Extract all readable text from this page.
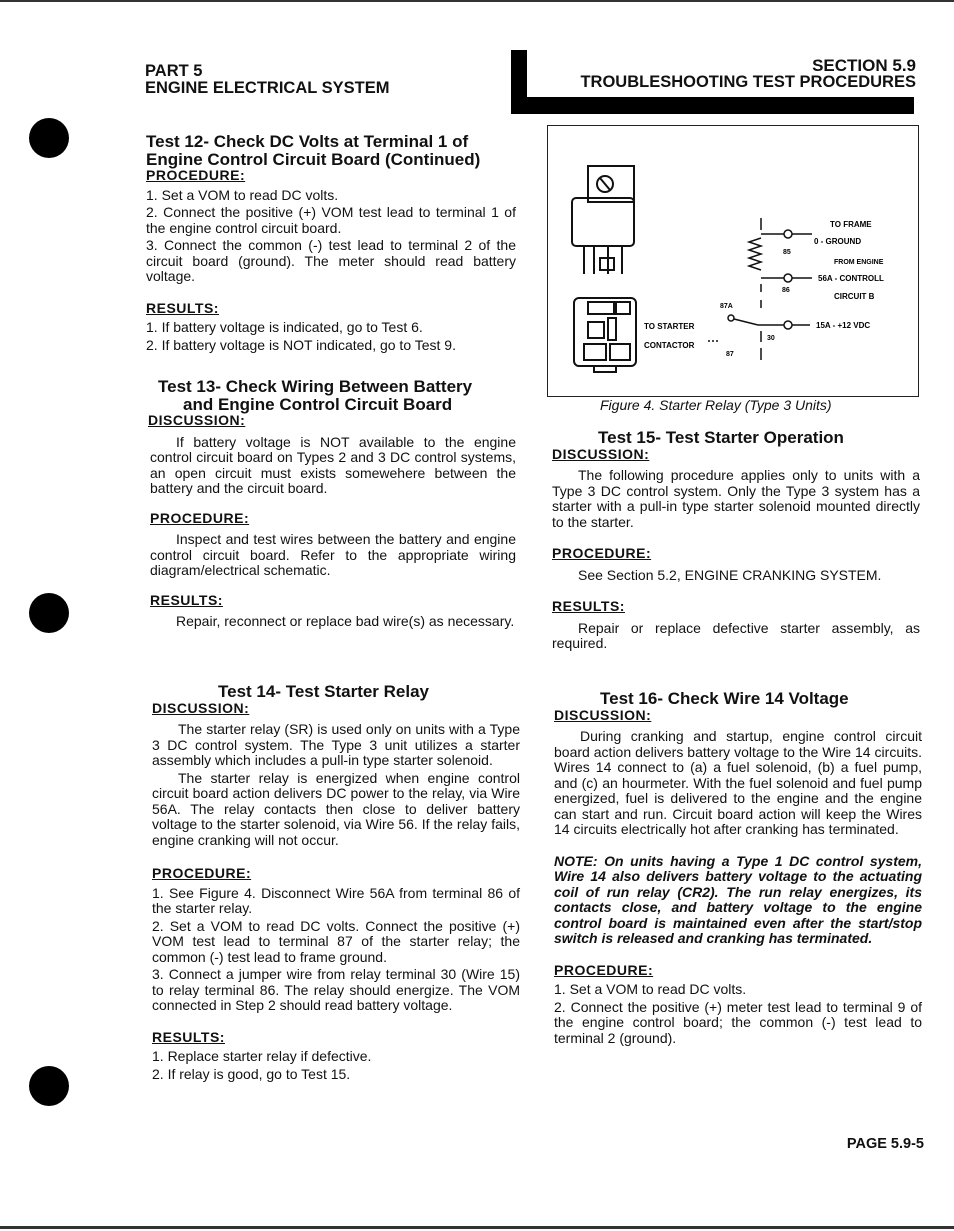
PART 5
ENGINE ELECTRICAL SYSTEM
SECTION 5.9
TROUBLESHOOTING TEST PROCEDURES
Test 12- Check DC Volts at Terminal 1 of
Engine Control Circuit Board (Continued)
PROCEDURE:
1. Set a VOM to read DC volts.
2. Connect the positive (+) VOM test lead to terminal 1 of the engine control circuit board.
3. Connect the common (-) test lead to terminal 2 of the circuit board (ground). The meter should read battery voltage.
RESULTS:
1. If battery voltage is indicated, go to Test 6.
2. If battery voltage is NOT indicated, go to Test 9.
Test 13- Check Wiring Between Battery
and Engine Control Circuit Board
DISCUSSION:
If battery voltage is NOT available to the engine control circuit board on Types 2 and 3 DC control systems, an open circuit must exists somewehere between the battery and the circuit board.
PROCEDURE:
Inspect and test wires between the battery and engine control circuit board. Refer to the appropriate wiring diagram/electrical schematic.
RESULTS:
Repair, reconnect or replace bad wire(s) as necessary.
Test 14- Test Starter Relay
DISCUSSION:
The starter relay (SR) is used only on units with a Type 3 DC control system. The Type 3 unit utilizes a starter assembly which includes a pull-in type starter solenoid.
The starter relay is energized when engine control circuit board action delivers DC power to the relay, via Wire 56A. The relay contacts then close to deliver battery voltage to the starter solenoid, via Wire 56. If the relay fails, engine cranking will not occur.
PROCEDURE:
1. See Figure 4. Disconnect Wire 56A from terminal 86 of the starter relay.
2. Set a VOM to read DC volts. Connect the positive (+) VOM test lead to terminal 87 of the starter relay; the common (-) test lead to frame ground.
3. Connect a jumper wire from relay terminal 30 (Wire 15) to relay terminal 86. The relay should energize. The VOM connected in Step 2 should read battery voltage.
RESULTS:
1. Replace starter relay if defective.
2. If relay is good, go to Test 15.
TO FRAME
0 - GROUND
85
FROM ENGINE
56A - CONTROLL
86
CIRCUIT B
87A
TO STARTER	15A - +12 VDC
CONTACTOR
30
87
Figure 4. Starter Relay (Type 3 Units)
Test 15- Test Starter Operation
DISCUSSION:
The following procedure applies only to units with a Type 3 DC control system. Only the Type 3 system has a starter with a pull-in type starter solenoid mounted directly to the starter.
PROCEDURE:
See Section 5.2, ENGINE CRANKING SYSTEM.
RESULTS:
Repair or replace defective starter assembly, as required.
Test 16- Check Wire 14 Voltage
DISCUSSION:
During cranking and startup, engine control circuit board action delivers battery voltage to the Wire 14 circuits. Wires 14 connect to (a) a fuel solenoid, (b) a fuel pump, and (c) an hourmeter. With the fuel solenoid and fuel pump energized, fuel is delivered to the engine and the engine can start and run. Circuit board action will keep the Wires 14 circuits electrically hot after cranking has terminated.
NOTE: On units having a Type 1 DC control system, Wire 14 also delivers battery voltage to the actuating coil of run relay (CR2). The run relay energizes, its contacts close, and battery voltage to the engine control board is maintained even after the start/stop switch is released and cranking has terminated.
PROCEDURE:
1. Set a VOM to read DC volts.
2. Connect the positive (+) meter test lead to terminal 9 of the engine control board; the common (-) test lead to terminal 2 (ground).
PAGE 5.9-5
